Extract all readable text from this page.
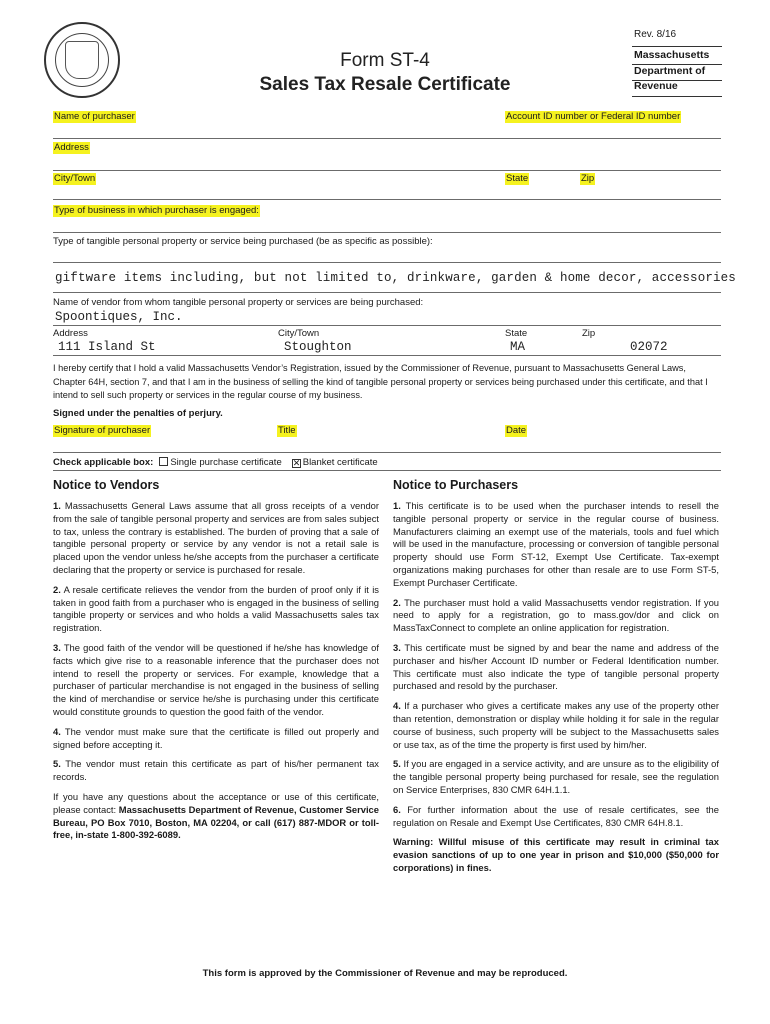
Rev. 8/16
Massachusetts
Department of
Revenue
Form ST-4
Sales Tax Resale Certificate
Name of purchaser	Account ID number or Federal ID number
Address
City/Town	State	Zip
Type of business in which purchaser is engaged:
Type of tangible personal property or service being purchased (be as specific as possible):
giftware items including, but not limited to, drinkware, garden & home decor, accessories
Name of vendor from whom tangible personal property or services are being purchased:
Spoontiques, Inc.
Address	City/Town	State	Zip
111 Island St	Stoughton	MA	02072
I hereby certify that I hold a valid Massachusetts Vendor’s Registration, issued by the Commissioner of Revenue, pursuant to Massachusetts General Laws, Chapter 64H, section 7, and that I am in the business of selling the kind of tangible personal property or services being purchased under this certificate, and that I intend to sell such property or services in the regular course of my business.
Signed under the penalties of perjury.
Signature of purchaser	Title	Date
Check applicable box: Single purchase certificate ✕ Blanket certificate
Notice to Vendors

1. Massachusetts General Laws assume that all gross receipts of a vendor from the sale of tangible personal property and services are from sales subject to tax, unless the contrary is established. The burden of proving that a sale of tangible personal property or service by any vendor is not a retail sale is placed upon the vendor unless he/she accepts from the purchaser a certificate declaring that the property or service is purchased for resale.

2. A resale certificate relieves the vendor from the burden of proof only if it is taken in good faith from a purchaser who is engaged in the business of selling tangible property or services and who holds a valid Massachusetts sales tax registration.

3. The good faith of the vendor will be questioned if he/she has knowledge of facts which give rise to a reasonable inference that the purchaser does not intend to resell the property or services. For example, knowledge that a purchaser of particular merchandise is not engaged in the business of selling the kind of merchandise or service he/she is purchasing under this certificate would constitute grounds to question the good faith of the vendor.

4. The vendor must make sure that the certificate is filled out properly and signed before accepting it.

5. The vendor must retain this certificate as part of his/her permanent tax records.

If you have any questions about the acceptance or use of this certificate, please contact: Massachusetts Department of Revenue, Customer Service Bureau, PO Box 7010, Boston, MA 02204, or call (617) 887-MDOR or toll-free, in-state 1-800-392-6089.

Notice to Purchasers

1. This certificate is to be used when the purchaser intends to resell the tangible personal property or service in the regular course of business. Manufacturers claiming an exempt use of the materials, tools and fuel which will be used in the manufacture, processing or conversion of tangible personal property should use Form ST-12, Exempt Use Certificate. Tax-exempt organizations making purchases for other than resale are to use Form ST-5, Exempt Purchaser Certificate.

2. The purchaser must hold a valid Massachusetts vendor registration. If you need to apply for a registration, go to mass.gov/dor and click on MassTaxConnect to complete an online application for registration.

3. This certificate must be signed by and bear the name and address of the purchaser and his/her Account ID number or Federal Identification number. This certificate must also indicate the type of tangible personal property purchased and resold by the purchaser.

4. If a purchaser who gives a certificate makes any use of the property other than retention, demonstration or display while holding it for sale in the regular course of business, such property will be subject to the Massachusetts sales or use tax, as of the time the property is first used by him/her.

5. If you are engaged in a service activity, and are unsure as to the eligibility of the tangible personal property being purchased for resale, see the regulation on Service Enterprises, 830 CMR 64H.1.1.

6. For further information about the use of resale certificates, see the regulation on Resale and Exempt Use Certificates, 830 CMR 64H.8.1.

Warning: Willful misuse of this certificate may result in criminal tax evasion sanctions of up to one year in prison and $10,000 ($50,000 for corporations) in fines.

This form is approved by the Commissioner of Revenue and may be reproduced.
